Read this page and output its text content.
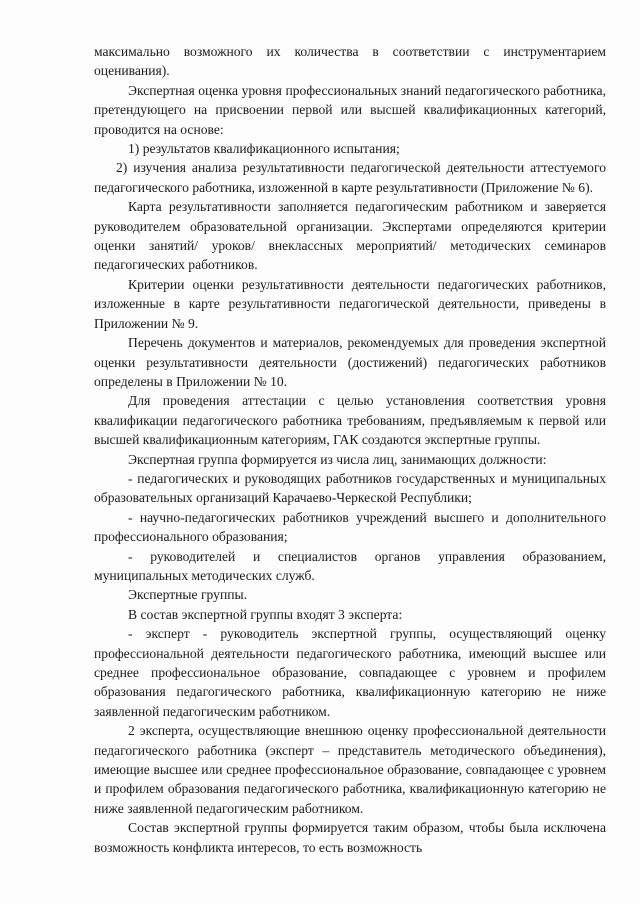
максимально возможного их количества в соответствии с инструментарием оценивания).

Экспертная оценка уровня профессиональных знаний педагогического работника, претендующего на присвоении первой или высшей квалификационных категорий, проводится на основе:

1) результатов квалификационного испытания;

2) изучения анализа результативности педагогической деятельности аттестуемого педагогического работника, изложенной в карте результативности (Приложение № 6).

Карта результативности заполняется педагогическим работником и заверяется руководителем образовательной организации. Экспертами определяются критерии оценки занятий/ уроков/ внеклассных мероприятий/ методических семинаров педагогических работников.

Критерии оценки результативности деятельности педагогических работников, изложенные в карте результативности педагогической деятельности, приведены в Приложении № 9.

Перечень документов и материалов, рекомендуемых для проведения экспертной оценки результативности деятельности (достижений) педагогических работников определены в Приложении № 10.

Для проведения аттестации с целью установления соответствия уровня квалификации педагогического работника требованиям, предъявляемым к первой или высшей квалификационным категориям, ГАК создаются экспертные группы.

Экспертная группа формируется из числа лиц, занимающих должности:

- педагогических и руководящих работников государственных и муниципальных образовательных организаций Карачаево-Черкеской Республики;

- научно-педагогических работников учреждений высшего и дополнительного профессионального образования;

- руководителей и специалистов органов управления образованием, муниципальных методических служб.

Экспертные группы.

В состав экспертной группы входят 3 эксперта:

- эксперт - руководитель экспертной группы, осуществляющий оценку профессиональной деятельности педагогического работника, имеющий высшее или среднее профессиональное образование, совпадающее с уровнем и профилем образования педагогического работника, квалификационную категорию не ниже заявленной педагогическим работником.

2 эксперта, осуществляющие внешнюю оценку профессиональной деятельности педагогического работника (эксперт – представитель методического объединения), имеющие высшее или среднее профессиональное образование, совпадающее с уровнем и профилем образования педагогического работника, квалификационную категорию не ниже заявленной педагогическим работником.

Состав экспертной группы формируется таким образом, чтобы была исключена возможность конфликта интересов, то есть возможность
